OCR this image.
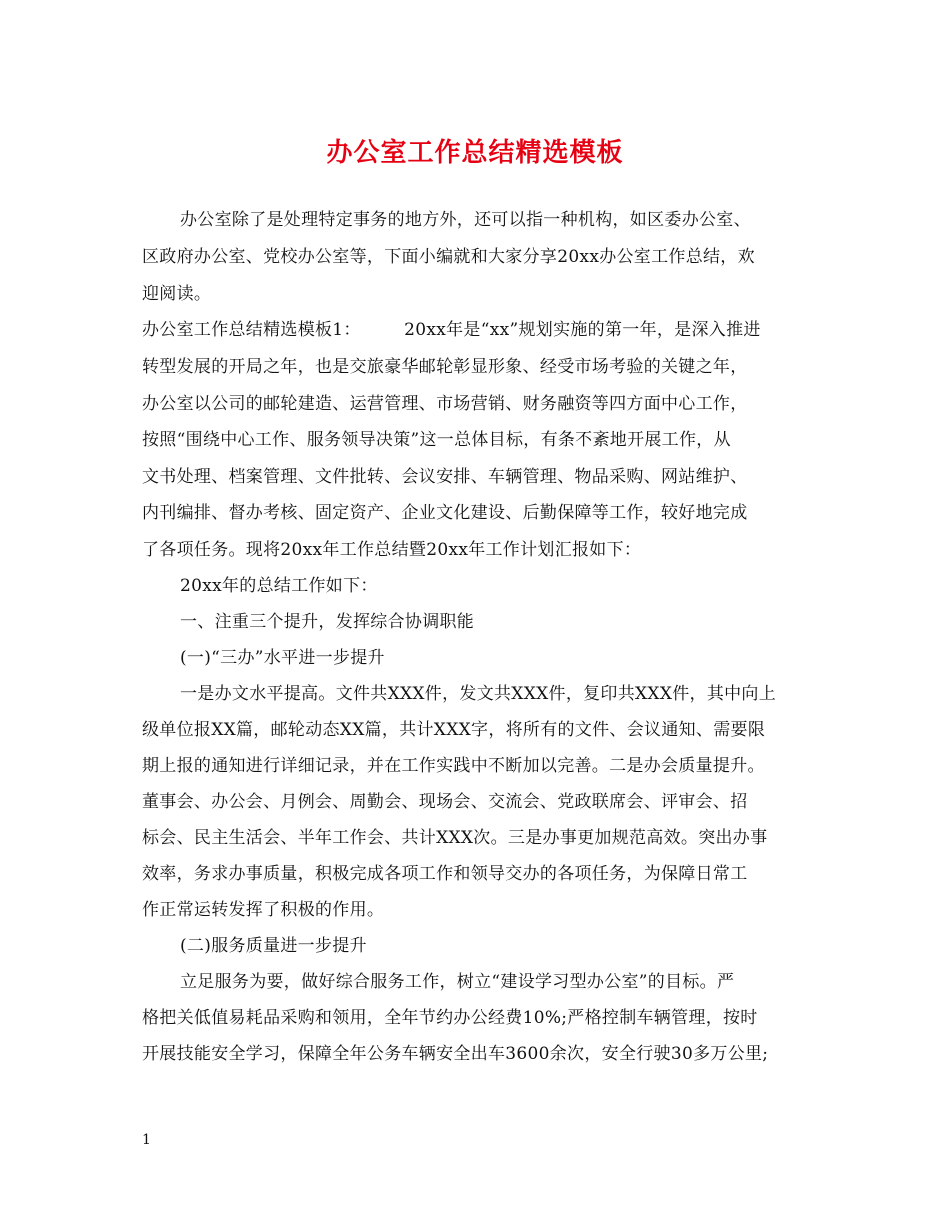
办公室工作总结精选模板
办公室除了是处理特定事务的地方外，还可以指一种机构，如区委办公室、
区政府办公室、党校办公室等，下面小编就和大家分享20xx办公室工作总结，欢
迎阅读。
办公室工作总结精选模板1：　　　20xx年是“xx”规划实施的第一年，是深入推进
转型发展的开局之年，也是交旅豪华邮轮彰显形象、经受市场考验的关键之年，
办公室以公司的邮轮建造、运营管理、市场营销、财务融资等四方面中心工作，
按照“围绕中心工作、服务领导决策”这一总体目标，有条不紊地开展工作，从
文书处理、档案管理、文件批转、会议安排、车辆管理、物品采购、网站维护、
内刊编排、督办考核、固定资产、企业文化建设、后勤保障等工作，较好地完成
了各项任务。现将20xx年工作总结暨20xx年工作计划汇报如下：
20xx年的总结工作如下：
一、注重三个提升，发挥综合协调职能
(一)“三办”水平进一步提升
一是办文水平提高。文件共XXX件，发文共XXX件，复印共XXX件，其中向上
级单位报XX篇，邮轮动态XX篇，共计XXX字，将所有的文件、会议通知、需要限
期上报的通知进行详细记录，并在工作实践中不断加以完善。二是办会质量提升。
董事会、办公会、月例会、周勤会、现场会、交流会、党政联席会、评审会、招
标会、民主生活会、半年工作会、共计XXX次。三是办事更加规范高效。突出办事
效率，务求办事质量，积极完成各项工作和领导交办的各项任务，为保障日常工
作正常运转发挥了积极的作用。
(二)服务质量进一步提升
立足服务为要，做好综合服务工作，树立“建设学习型办公室”的目标。严
格把关低值易耗品采购和领用，全年节约办公经费10%;严格控制车辆管理，按时
开展技能安全学习，保障全年公务车辆安全出车3600余次，安全行驶30多万公里;
1
